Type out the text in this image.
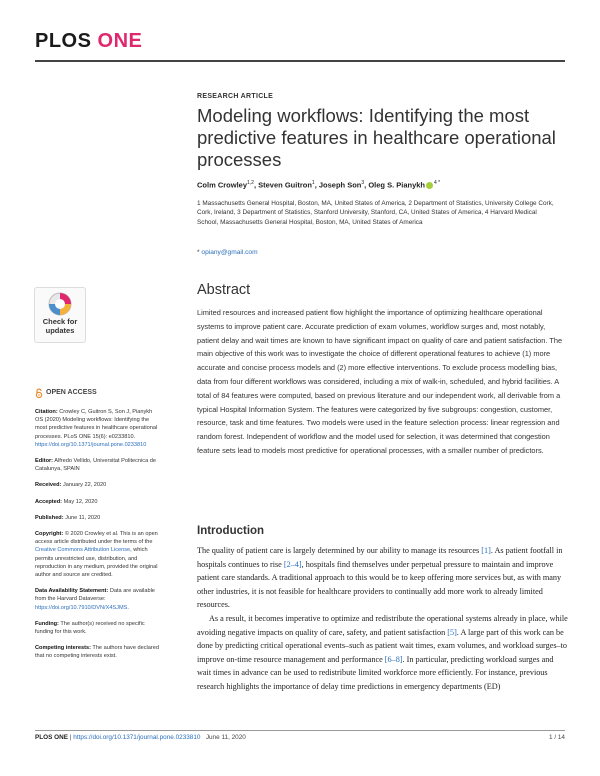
PLOS ONE
RESEARCH ARTICLE
Modeling workflows: Identifying the most predictive features in healthcare operational processes
Colm Crowley$^{1,2}$, Steven Guitron$^1$, Joseph Son$^3$, Oleg S. Pianykh $^{4 *}$
1 Massachusetts General Hospital, Boston, MA, United States of America, 2 Department of Statistics, University College Cork, Cork, Ireland, 3 Department of Statistics, Stanford University, Stanford, CA, United States of America, 4 Harvard Medical School, Massachusetts General Hospital, Boston, MA, United States of America
* opiany@gmail.com
Check for updates
OPEN ACCESS
Citation: Crowley C, Guitron S, Son J, Pianykh OS (2020) Modeling workflows: Identifying the most predictive features in healthcare operational processes. PLoS ONE 15(6): e0233810. https://doi.org/10.1371/journal.pone.0233810
Editor: Alfredo Vellido, Universitat Politecnica de Catalunya, SPAIN
Received: January 22, 2020
Accepted: May 12, 2020
Published: June 11, 2020
Copyright: © 2020 Crowley et al. This is an open access article distributed under the terms of the Creative Commons Attribution License, which permits unrestricted use, distribution, and reproduction in any medium, provided the original author and source are credited.
Data Availability Statement: Data are available from the Harvard Dataverse: https://doi.org/10.7910/DVN/X4SJMS.
Funding: The author(s) received no specific funding for this work.
Competing interests: The authors have declared that no competing interests exist.
Abstract
Limited resources and increased patient flow highlight the importance of optimizing healthcare operational systems to improve patient care. Accurate prediction of exam volumes, workflow surges and, most notably, patient delay and wait times are known to have significant impact on quality of care and patient satisfaction. The main objective of this work was to investigate the choice of different operational features to achieve (1) more accurate and concise process models and (2) more effective interventions. To exclude process modelling bias, data from four different workflows was considered, including a mix of walk-in, scheduled, and hybrid facilities. A total of 84 features were computed, based on previous literature and our independent work, all derivable from a typical Hospital Information System. The features were categorized by five subgroups: congestion, customer, resource, task and time features. Two models were used in the feature selection process: linear regression and random forest. Independent of workflow and the model used for selection, it was determined that congestion feature sets lead to models most predictive for operational processes, with a smaller number of predictors.
Introduction

The quality of patient care is largely determined by our ability to manage its resources [1]. As patient footfall in hospitals continues to rise [2–4], hospitals find themselves under perpetual pressure to maintain and improve patient care standards. A traditional approach to this would be to keep offering more services but, as with many other industries, it is not feasible for healthcare providers to continually add more work to already limited resources.

As a result, it becomes imperative to optimize and redistribute the operational systems already in place, while avoiding negative impacts on quality of care, safety, and patient satisfaction [5]. A large part of this work can be done by predicting critical operational events–such as patient wait times, exam volumes, and workload surges–to improve on-time resource management and performance [6–8]. In particular, predicting workload surges and wait times in advance can be used to redistribute limited workforce more efficiently. For instance, previous research highlights the importance of delay time predictions in emergency departments (ED)

PLOS ONE | https://doi.org/10.1371/journal.pone.0233810 June 11, 2020	1 / 14
